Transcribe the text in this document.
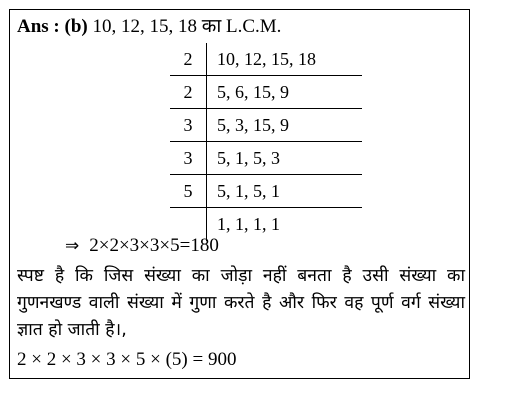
Ans : (b) 10, 12, 15, 18 का L.C.M.
2	10, 12, 15, 18
2	5, 6, 15, 9
3	5, 3, 15, 9
3	5, 1, 5, 3
5	5, 1, 5, 1
	1, 1, 1, 1
⇒ 2×2×3×3×5=180
स्पष्ट है कि जिस संख्या का जोड़ा नहीं बनता है उसी संख्या का गुणनखण्ड वाली संख्या में गुणा करते है और फिर वह पूर्ण वर्ग संख्या ज्ञात हो जाती है।,
2 × 2 × 3 × 3 × 5 × (5) = 900
